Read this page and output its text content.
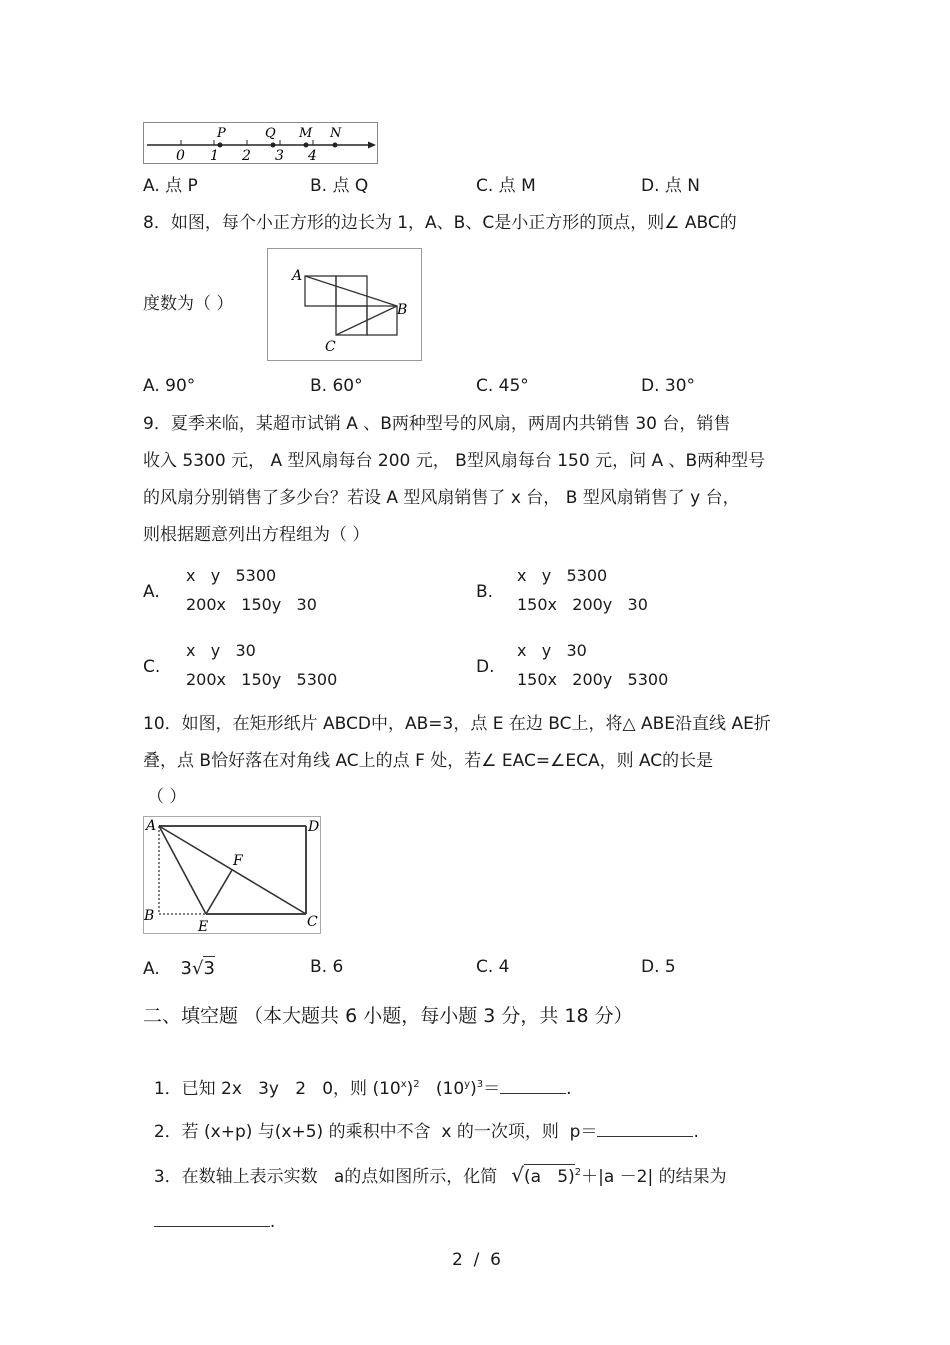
0 1 2 3 4
P	Q M N
A. 点 P	B. 点 Q	C. 点 M	D. 点 N
8．如图，每个小正方形的边长为 1，A、B、C是小正方形的顶点，则∠ ABC的
A
B
C
度数为（ ）
A. 90°	B. 60°	C. 45°	D. 30°
9．夏季来临，某超市试销 A 、B两种型号的风扇，两周内共销售 30 台，销售
收入 5300 元， A 型风扇每台 200 元， B型风扇每台 150 元，问 A 、B两种型号
的风扇分别销售了多少台？若设 A 型风扇销售了 x 台， B 型风扇销售了 y 台，
则根据题意列出方程组为（ ）
A.
x   y   5300
200x   150y   30
B.
x   y   5300
150x   200y   30
C.
x   y   30
200x   150y   5300
D.
x   y   30
150x   200y   5300
10．如图，在矩形纸片 ABCD中，AB=3，点 E 在边 BC上，将△ ABE沿直线 AE折
叠，点 B恰好落在对角线 AC上的点 F 处，若∠ EAC=∠ECA，则 AC的长是
（ ）
A	D
F
B
E	C
A. 3√3	B. 6	C. 4	D. 5
二、填空题 （本大题共 6 小题，每小题 3 分，共 18 分）

1．已知 2x   3y   2   0，则 $(10^x)^2$   $(10^y)^3=$	.

2．若 (x+p) 与(x+5) 的乘积中不含  x 的一次项，则  p＝	.

3．在数轴上表示实数   a的点如图所示，化简 √(a   5)$^2$＋|a －2| 的结果为

.

2  /  6
